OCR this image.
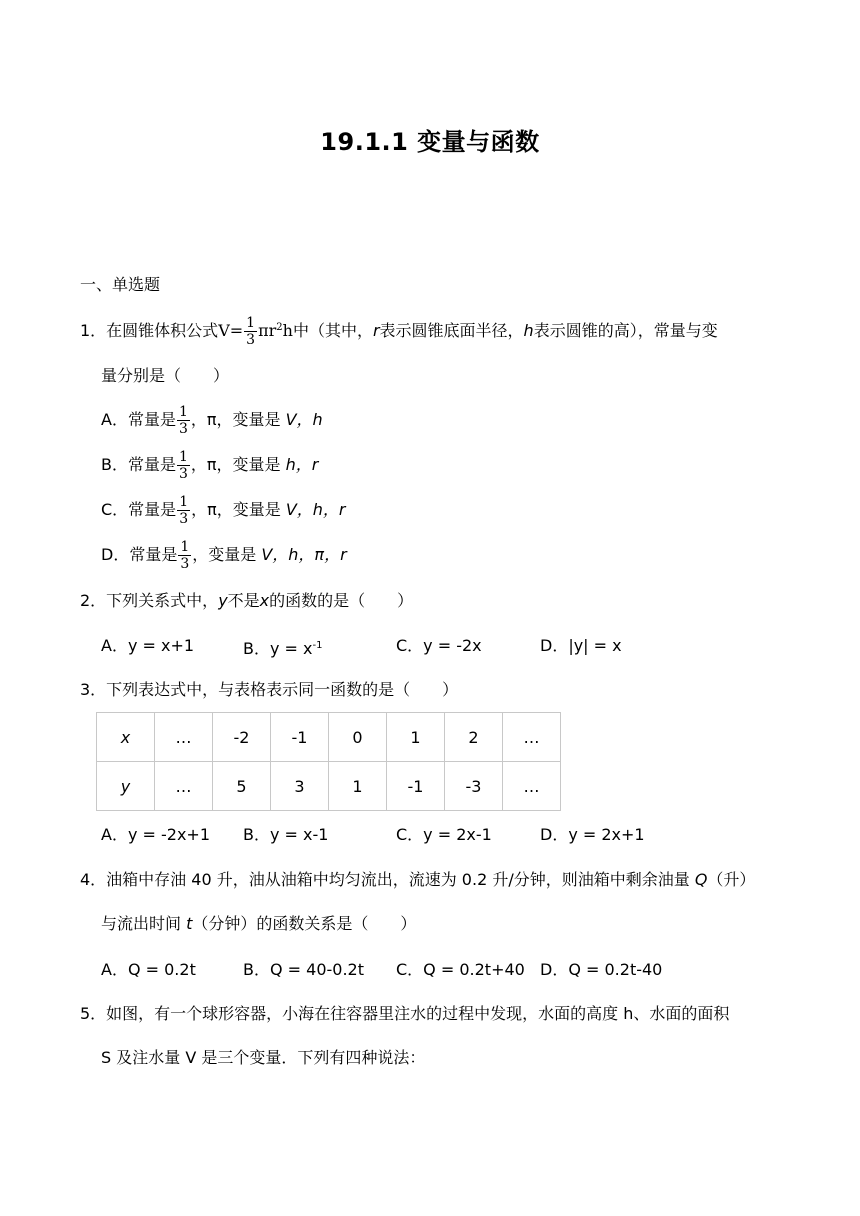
19.1.1 变量与函数
一、单选题
1．在圆锥体积公式$V= \frac{1}{3} \pi r^2h$中（其中，r表示圆锥底面半径，h表示圆锥的高），常量与变
量分别是（　　）
A．常量是 $\frac{1}{3}$ ，π，变量是 V，h
B．常量是 $\frac{1}{3}$ ，π，变量是 h，r
C．常量是 $\frac{1}{3}$ ，π，变量是 V，h，r
D．常量是 $\frac{1}{3}$ ，变量是 V，h，π，r
2．下列关系式中，y不是x的函数的是（　　）
A．y = x+1	B．$y = x^{-1}$	C．y = -2x	D．|y| = x
3．下列表达式中，与表格表示同一函数的是（　　）
x	…	-2	-1	0	1	2	…
y	…	5	3	1	-1	-3	…
A．y = -2x+1 B．y = x-1	C．y = 2x-1	D．y = 2x+1
4．油箱中存油 40 升，油从油箱中均匀流出，流速为 0.2 升/分钟，则油箱中剩余油量 Q（升）
与流出时间 t（分钟）的函数关系是（　　）
A．Q = 0.2t	B．Q = 40-0.2t C．Q = 0.2t+40 D．Q = 0.2t-40
5．如图，有一个球形容器，小海在往容器里注水的过程中发现，水面的高度 h、水面的面积
S 及注水量 V 是三个变量．下列有四种说法：
